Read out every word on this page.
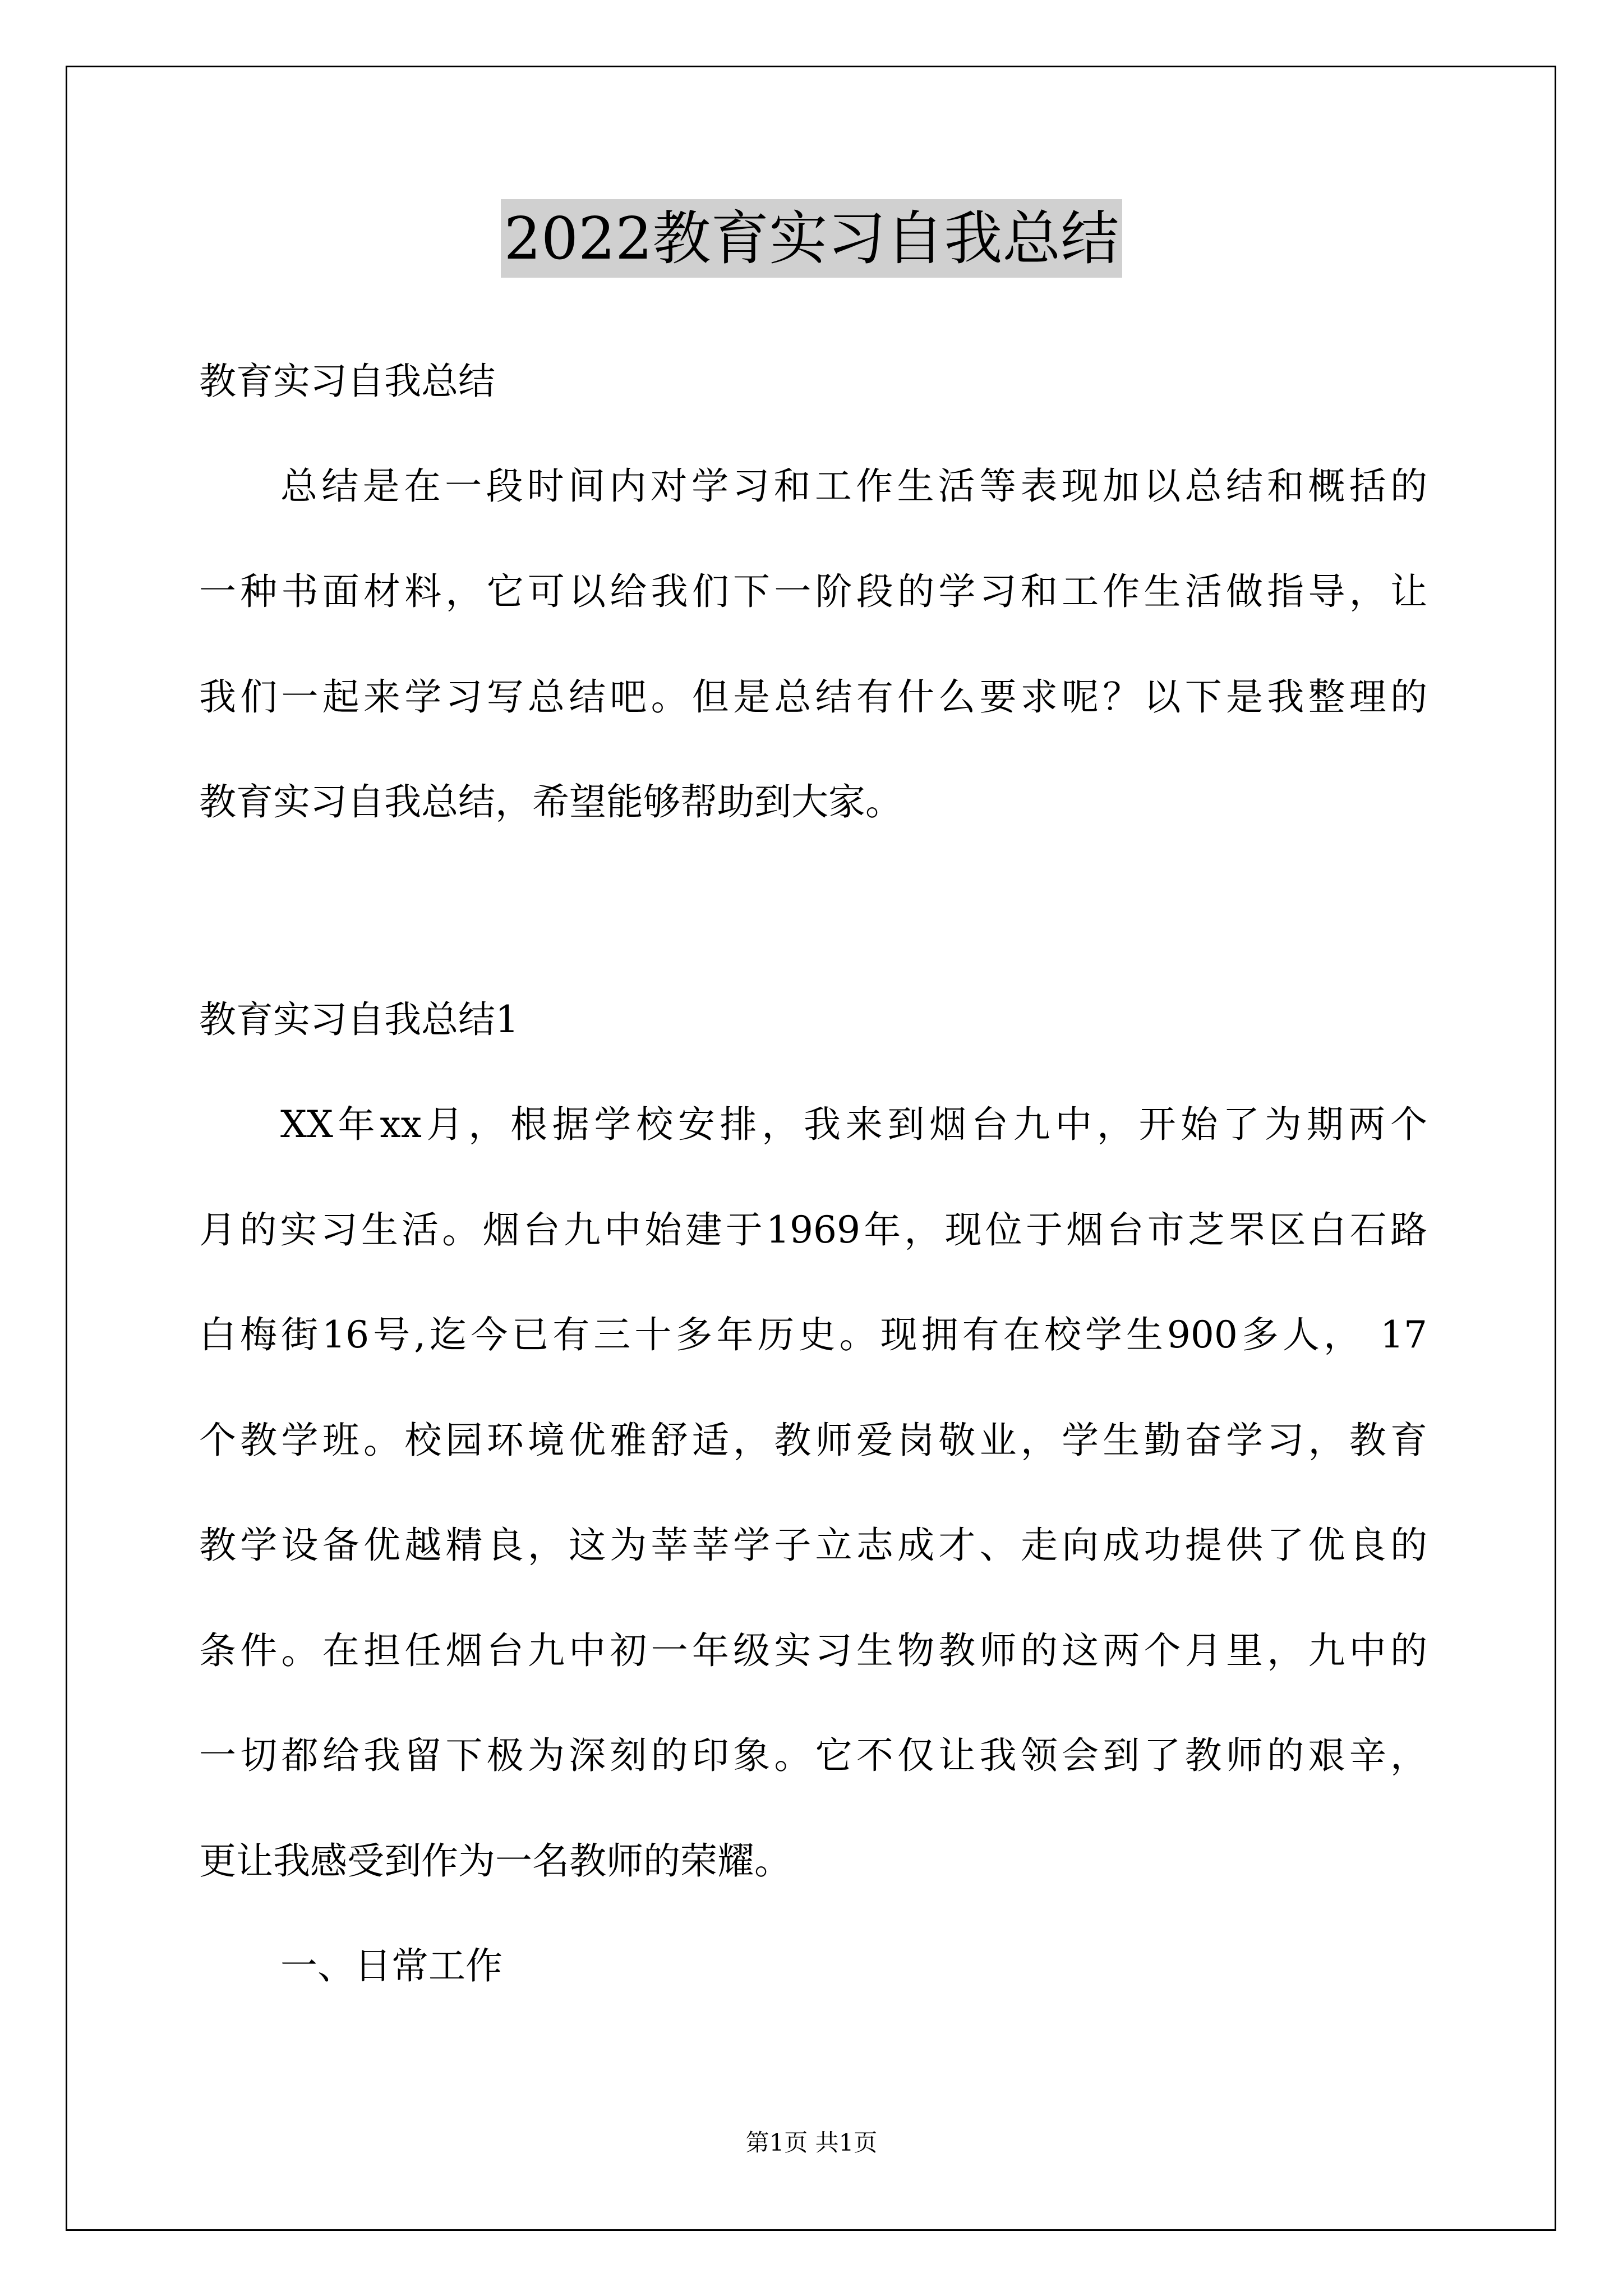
2022教育实习自我总结
教育实习自我总结
总结是在一段时间内对学习和工作生活等表现加以总结和概括的
一种书面材料，它可以给我们下一阶段的学习和工作生活做指导，让
我们一起来学习写总结吧。但是总结有什么要求呢？以下是我整理的
教育实习自我总结，希望能够帮助到大家。
教育实习自我总结1
XX年xx月，根据学校安排，我来到烟台九中，开始了为期两个
月的实习生活。烟台九中始建于1969年，现位于烟台市芝罘区白石路
白梅街16号,迄今已有三十多年历史。现拥有在校学生900多人， 17
个教学班。校园环境优雅舒适，教师爱岗敬业，学生勤奋学习，教育
教学设备优越精良，这为莘莘学子立志成才、走向成功提供了优良的
条件。在担任烟台九中初一年级实习生物教师的这两个月里，九中的
一切都给我留下极为深刻的印象。它不仅让我领会到了教师的艰辛，
更让我感受到作为一名教师的荣耀。
一、日常工作
第1页 共1页
